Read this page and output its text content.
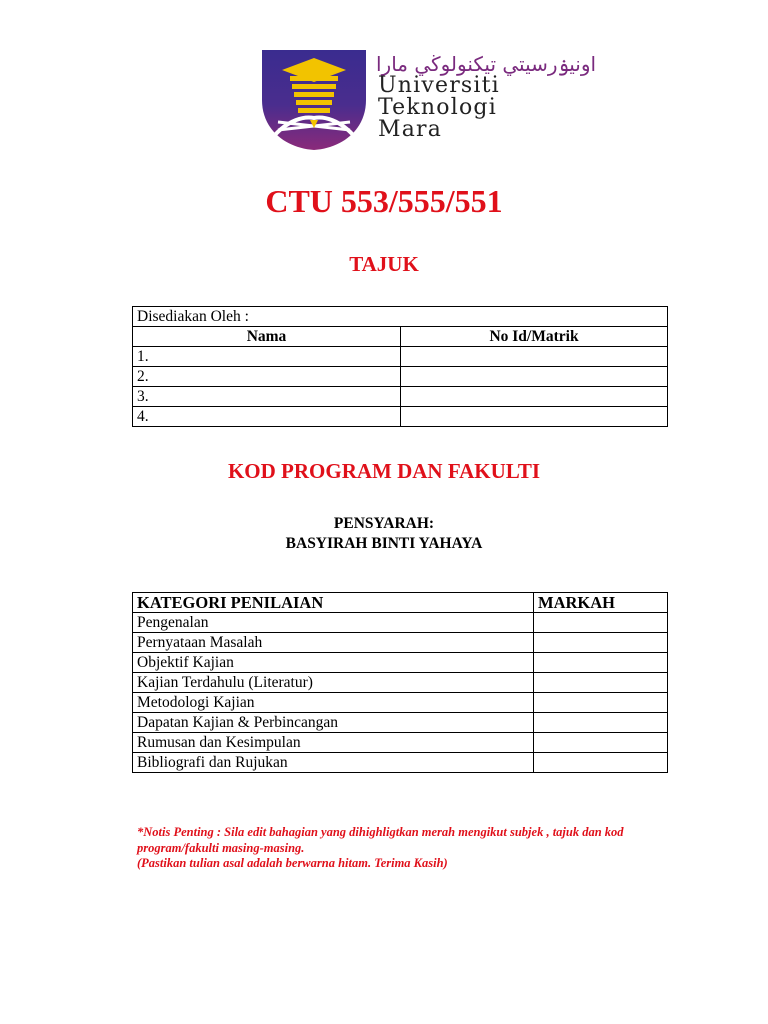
اونيۏرسيتي تيكنولوڬي مارا
Universiti
Teknologi
Mara
CTU 553/555/551
TAJUK
Disediakan Oleh :	
Nama	No Id/Matrik
1.	
2.	
3.	
4.	
KOD PROGRAM DAN FAKULTI
PENSYARAH:
BASYIRAH BINTI YAHAYA
KATEGORI PENILAIAN	MARKAH
Pengenalan	
Pernyataan Masalah	
Objektif Kajian	
Kajian Terdahulu (Literatur)	
Metodologi Kajian	
Dapatan Kajian & Perbincangan	
Rumusan dan Kesimpulan	
Bibliografi dan Rujukan	
*Notis Penting : Sila edit bahagian yang dihighligtkan merah mengikut subjek , tajuk dan kod program/fakulti masing-masing.
(Pastikan tulian asal adalah berwarna hitam. Terima Kasih)
